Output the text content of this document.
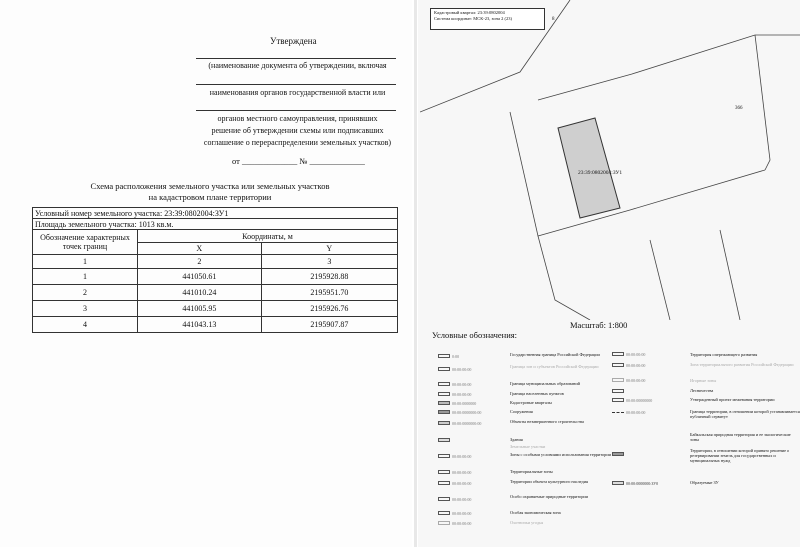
Утверждена
(наименование документа об утверждении, включая
наименования органов государственной власти или
органов местного самоуправления, принявших
решение об утверждении схемы или подписавших
соглашение о перераспределении земельных участков)
от _____________ № _____________
Схема расположения земельного участка или земельных участков
на кадастровом плане территории
Условный номер земельного участка: 23:39:0802004:ЗУ1		
Площадь земельного участка: 1013 кв.м.		
Обозначение характерных точек границ	Координаты, м	
	X	Y
1	2	3
1	441050.61	2195928.88
2	441010.24	2195951.70
3	441005.95	2195926.76
4	441043.13	2195907.87
Кадастровый квартал: 23:39:0802004
Система координат: МСК-23, зона 2 (23)	8
366
23:39:0802004:ЗУ1
Масштаб: 1:800
Условные обозначения:
0:00	Государственная граница Российской Федерации
00:00:00:00
Граница зон и субъектов Российской Федерации
00:00:00:00	Граница муниципальных образований
00:00:00:00	Граница населенных пунктов
00:00:0000000	Кадастровые кварталы
00:00:0000000:00	Сооружения
00:00:0000000:00	Объекты незавершенного строительства
Здания
Земельные участки
00:00:00:00	Зоны с особыми условиями использования территории
00:00:00:00	Территориальные зоны
00:00:00:00	Территории объекта культурного наследия
00:00:00:00
Особо охраняемые природные территории
00:00:00:00	Особая экономическая зона
00:00:00:00	Охотничьи угодья
00:00:00:00	Территория опережающего развития
00:00:00:00	Зона территориального развития Российской Федерации
00:00:00:00	Игорные зоны
Лесничества
00:00:00000000	Утвержденный проект межевания территории
00:00:00:00	Граница территории, в отношении которой устанавливается публичный сервитут
Байкальская природная территория и ее экологические зоны
Территории, в отношении которой принято решение о резервировании земель для государственных и муниципальных нужд
00:00:0000000:ЗУ0	Образуемые ЗУ
